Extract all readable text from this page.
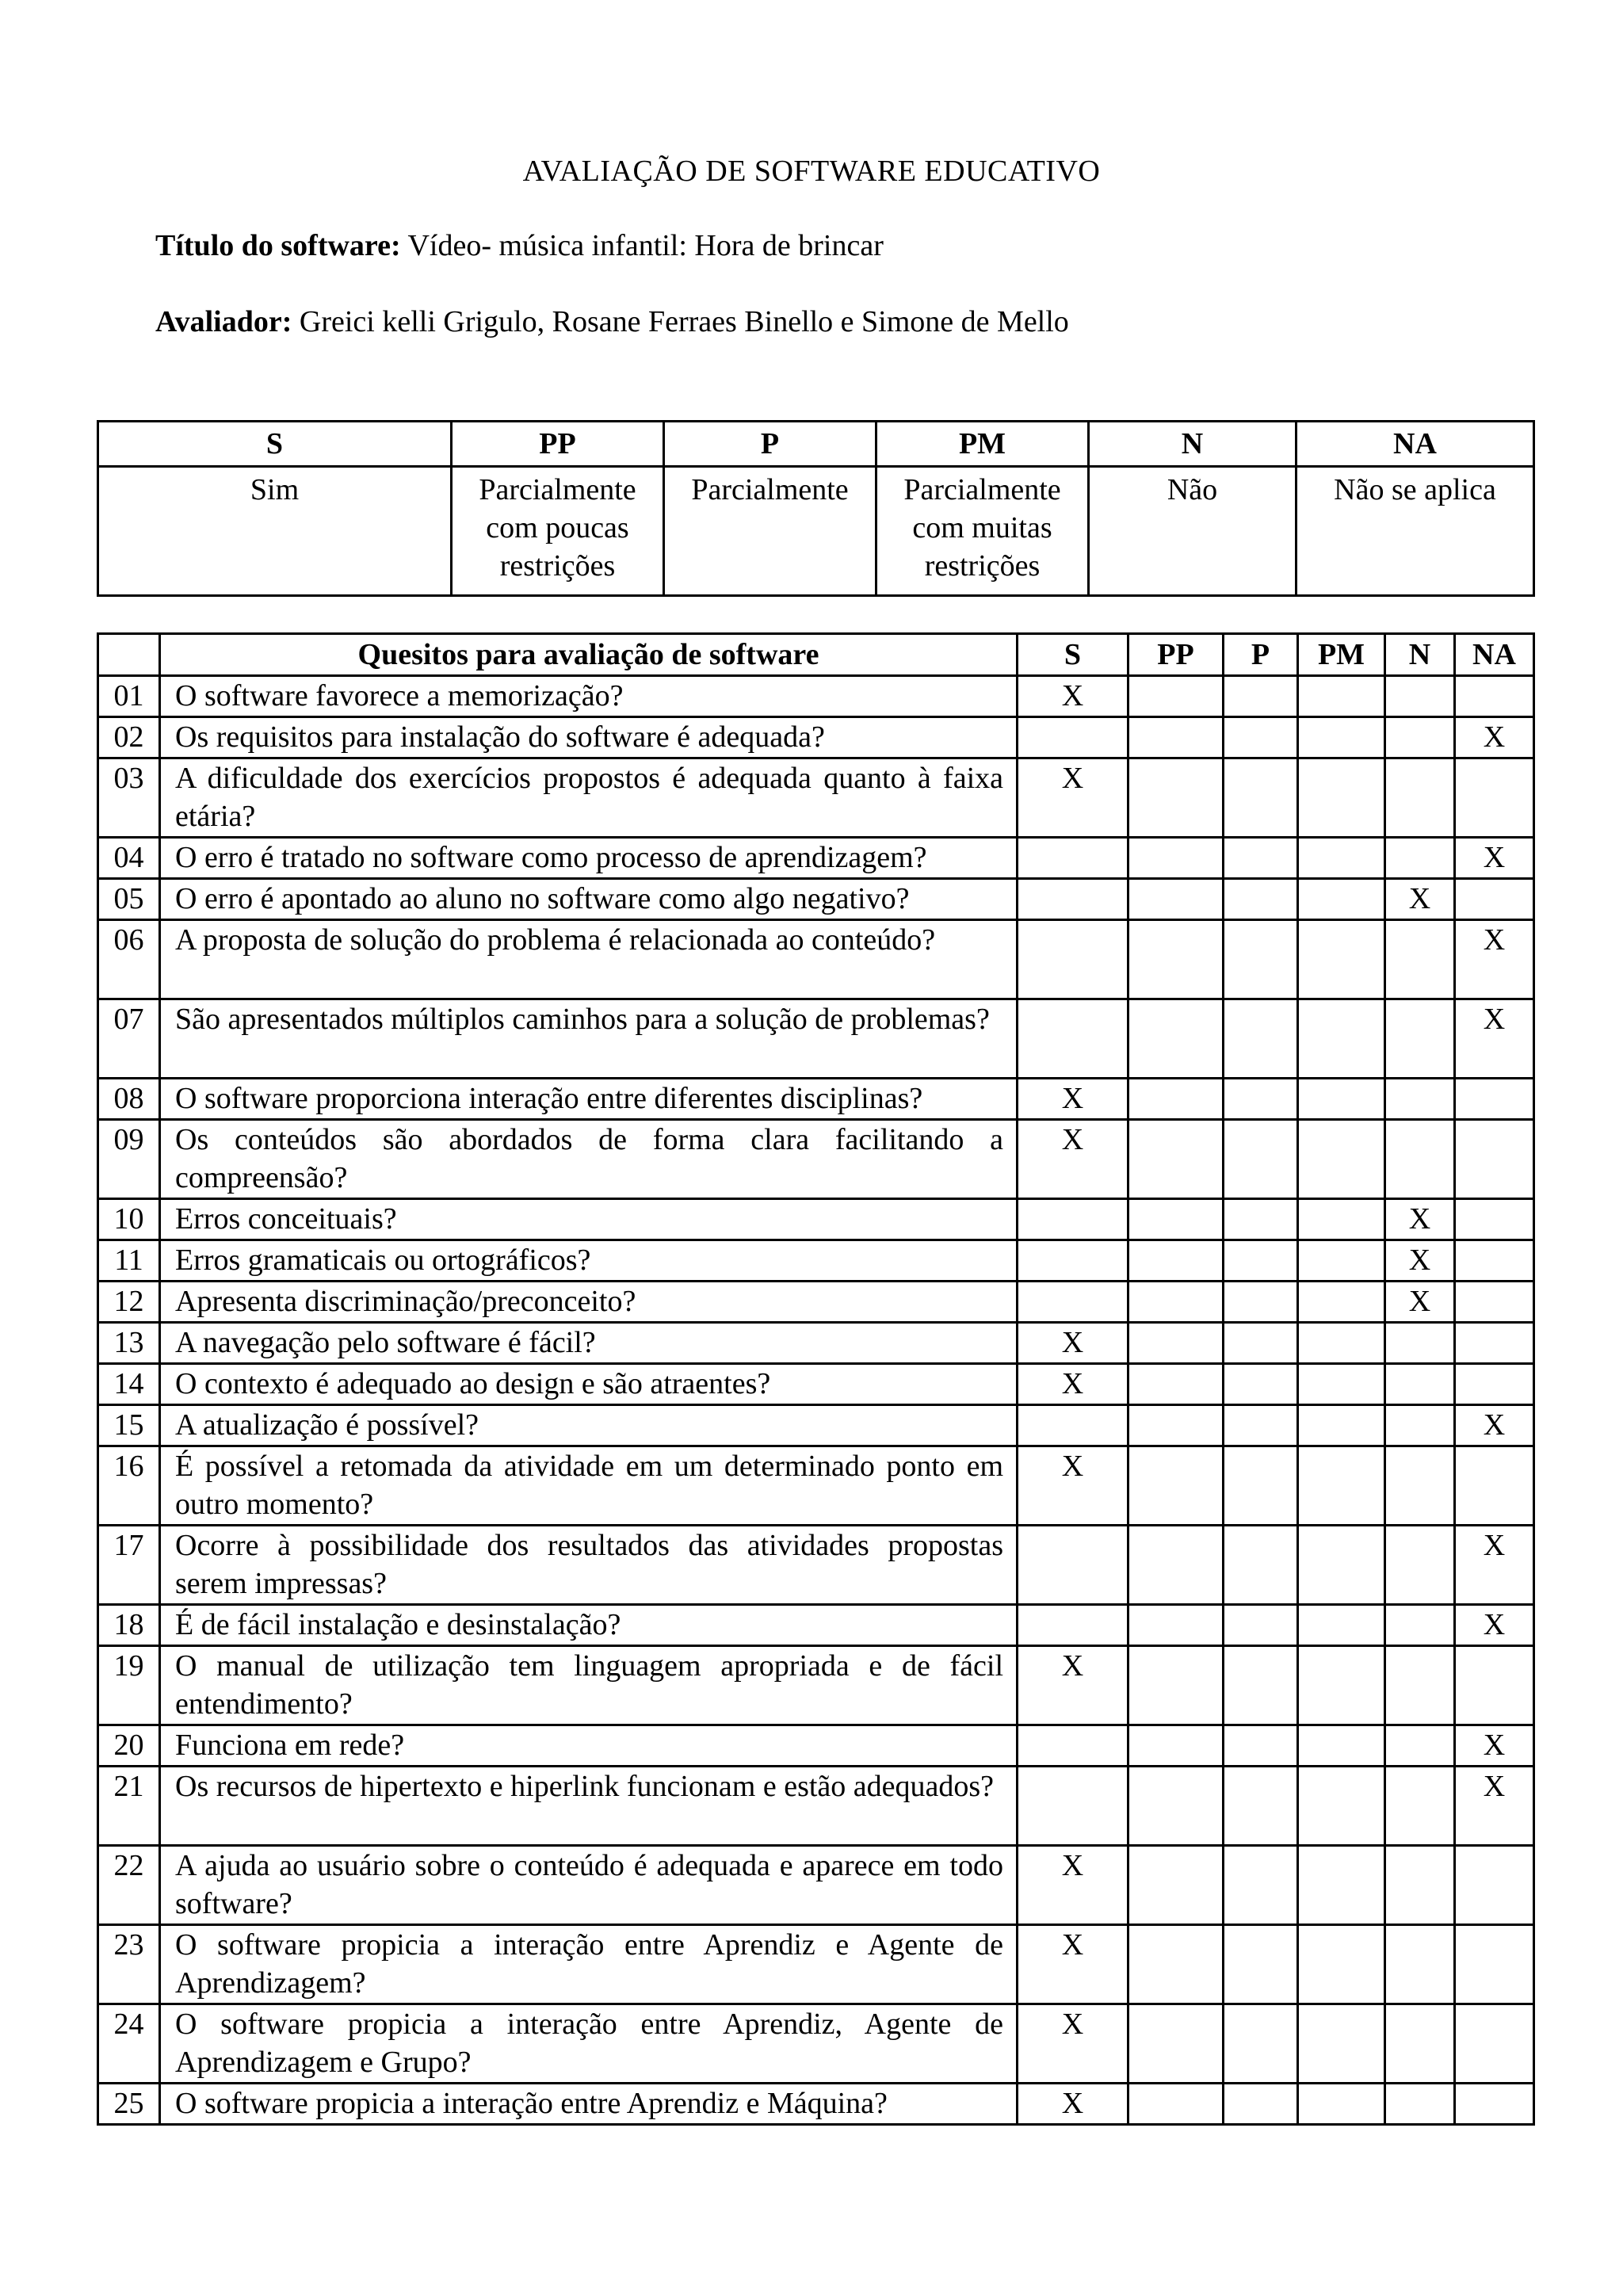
AVALIAÇÃO DE SOFTWARE EDUCATIVO
Título do software: Vídeo- música infantil: Hora de brincar
Avaliador: Greici kelli Grigulo, Rosane Ferraes Binello e Simone de Mello
S	PP	P	PM	N	NA
Sim	Parcialmente com poucas restrições	Parcialmente	Parcialmente com muitas restrições	Não	Não se aplica
	Quesitos para avaliação de software	S	PP	P	PM	N	NA
01	O software favorece a memorização?	X					
02	Os requisitos para instalação do software é adequada?						X
03	A dificuldade dos exercícios propostos é adequada quanto à faixa etária?	X					
04	O erro é tratado no software como processo de aprendizagem?						X
05	O erro é apontado ao aluno no software como algo negativo?					X	
06	A proposta de solução do problema é relacionada ao conteúdo?						X
07	São apresentados múltiplos caminhos para a solução de problemas?						X
08	O software proporciona interação entre diferentes disciplinas?	X					
09	Os conteúdos são abordados de forma clara facilitando a compreensão?	X					
10	Erros conceituais?					X	
11	Erros gramaticais ou ortográficos?					X	
12	Apresenta discriminação/preconceito?					X	
13	A navegação pelo software é fácil?	X					
14	O contexto é adequado ao design e são atraentes?	X					
15	A atualização é possível?						X
16	É possível a retomada da atividade em um determinado ponto em outro momento?	X					
17	Ocorre à possibilidade dos resultados das atividades propostas serem impressas?						X
18	É de fácil instalação e desinstalação?						X
19	O manual de utilização tem linguagem apropriada e de fácil entendimento?	X					
20	Funciona em rede?						X
21	Os recursos de hipertexto e hiperlink funcionam e estão adequados?						X
22	A ajuda ao usuário sobre o conteúdo é adequada e aparece em todo software?	X					
23	O software propicia a interação entre Aprendiz e Agente de Aprendizagem?	X					
24	O software propicia a interação entre Aprendiz, Agente de Aprendizagem e Grupo?	X					
25	O software propicia a interação entre Aprendiz e Máquina?	X					
